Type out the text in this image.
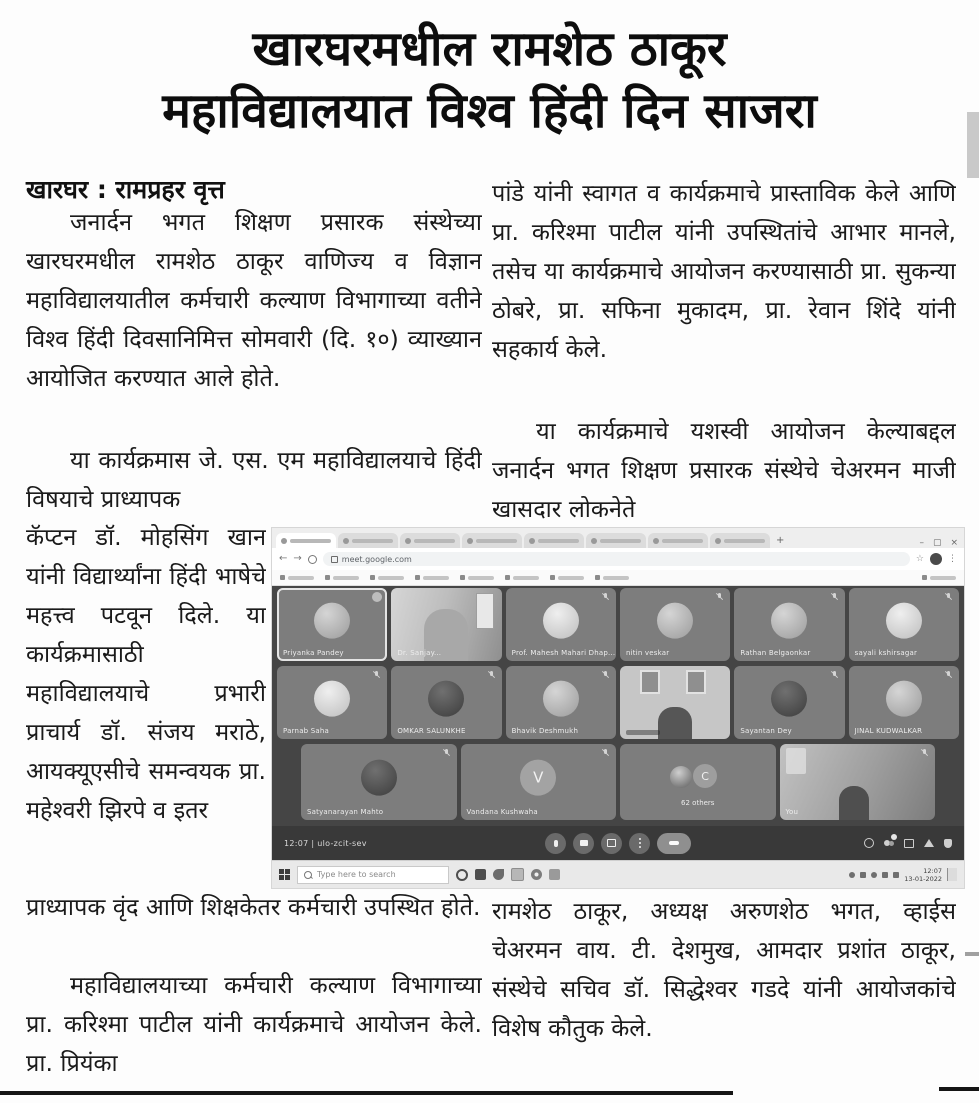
खारघरमधील रामशेठ ठाकूर
महाविद्यालयात विश्व हिंदी दिन साजरा
खारघर : रामप्रहर वृत्त
जनार्दन भगत शिक्षण प्रसारक संस्थेच्या खारघरमधील रामशेठ ठाकूर वाणिज्य व विज्ञान महाविद्यालयातील कर्मचारी कल्याण विभागाच्या वतीने विश्व हिंदी दिवसानिमित्त सोमवारी (दि. १०) व्याख्यान आयोजित करण्यात आले होते.
या कार्यक्रमास जे. एस. एम महाविद्यालयाचे हिंदी विषयाचे प्राध्यापक
कॅप्टन डॉ. मोहसिंग खान यांनी विद्यार्थ्यांना हिंदी भाषेचे महत्त्व पटवून दिले. या कार्यक्रमासाठी महाविद्यालयाचे प्रभारी प्राचार्य डॉ. संजय मराठे, आयक्यूएसीचे समन्वयक प्रा. महेश्वरी झिरपे व इतर
प्राध्यापक वृंद आणि शिक्षकेतर कर्मचारी उपस्थित होते.
महाविद्यालयाच्या कर्मचारी कल्याण विभागाच्या प्रा. करिश्मा पाटील यांनी कार्यक्रमाचे आयोजन केले. प्रा. प्रियंका
पांडे यांनी स्वागत व कार्यक्रमाचे प्रास्ताविक केले आणि प्रा. करिश्मा पाटील यांनी उपस्थितांचे आभार मानले, तसेच या कार्यक्रमाचे आयोजन करण्यासाठी प्रा. सुकन्या ठोबरे, प्रा. सफिना मुकादम, प्रा. रेवान शिंदे यांनी सहकार्य केले.
या कार्यक्रमाचे यशस्वी आयोजन केल्याबद्दल जनार्दन भगत शिक्षण प्रसारक संस्थेचे चेअरमन माजी खासदार लोकनेते
रामशेठ ठाकूर, अध्यक्ष अरुणशेठ भगत, व्हाईस चेअरमन वाय. टी. देशमुख, आमदार प्रशांत ठाकूर, संस्थेचे सचिव डॉ. सिद्धेश्वर गडदे यांनी आयोजकांचे विशेष कौतुक केले.
+	– ▢ ×
← →	meet.google.com	☆	⋮
Priyanka Pandey	Dr. Sanjay...	Prof. Mahesh Mahari Dhap... nitin veskar	Rathan Belgaonkar	sayali kshirsagar
Parnab Saha	OMKAR SALUNKHE	Bhavik Deshmukh	Sayantan Dey	JINAL KUDWALKAR
Satyanarayan Mahto
V
Vandana Kushwaha
C
62 others
You
12:07 | ulo-zcit-sev
Type here to search	12:07
13-01-2022
